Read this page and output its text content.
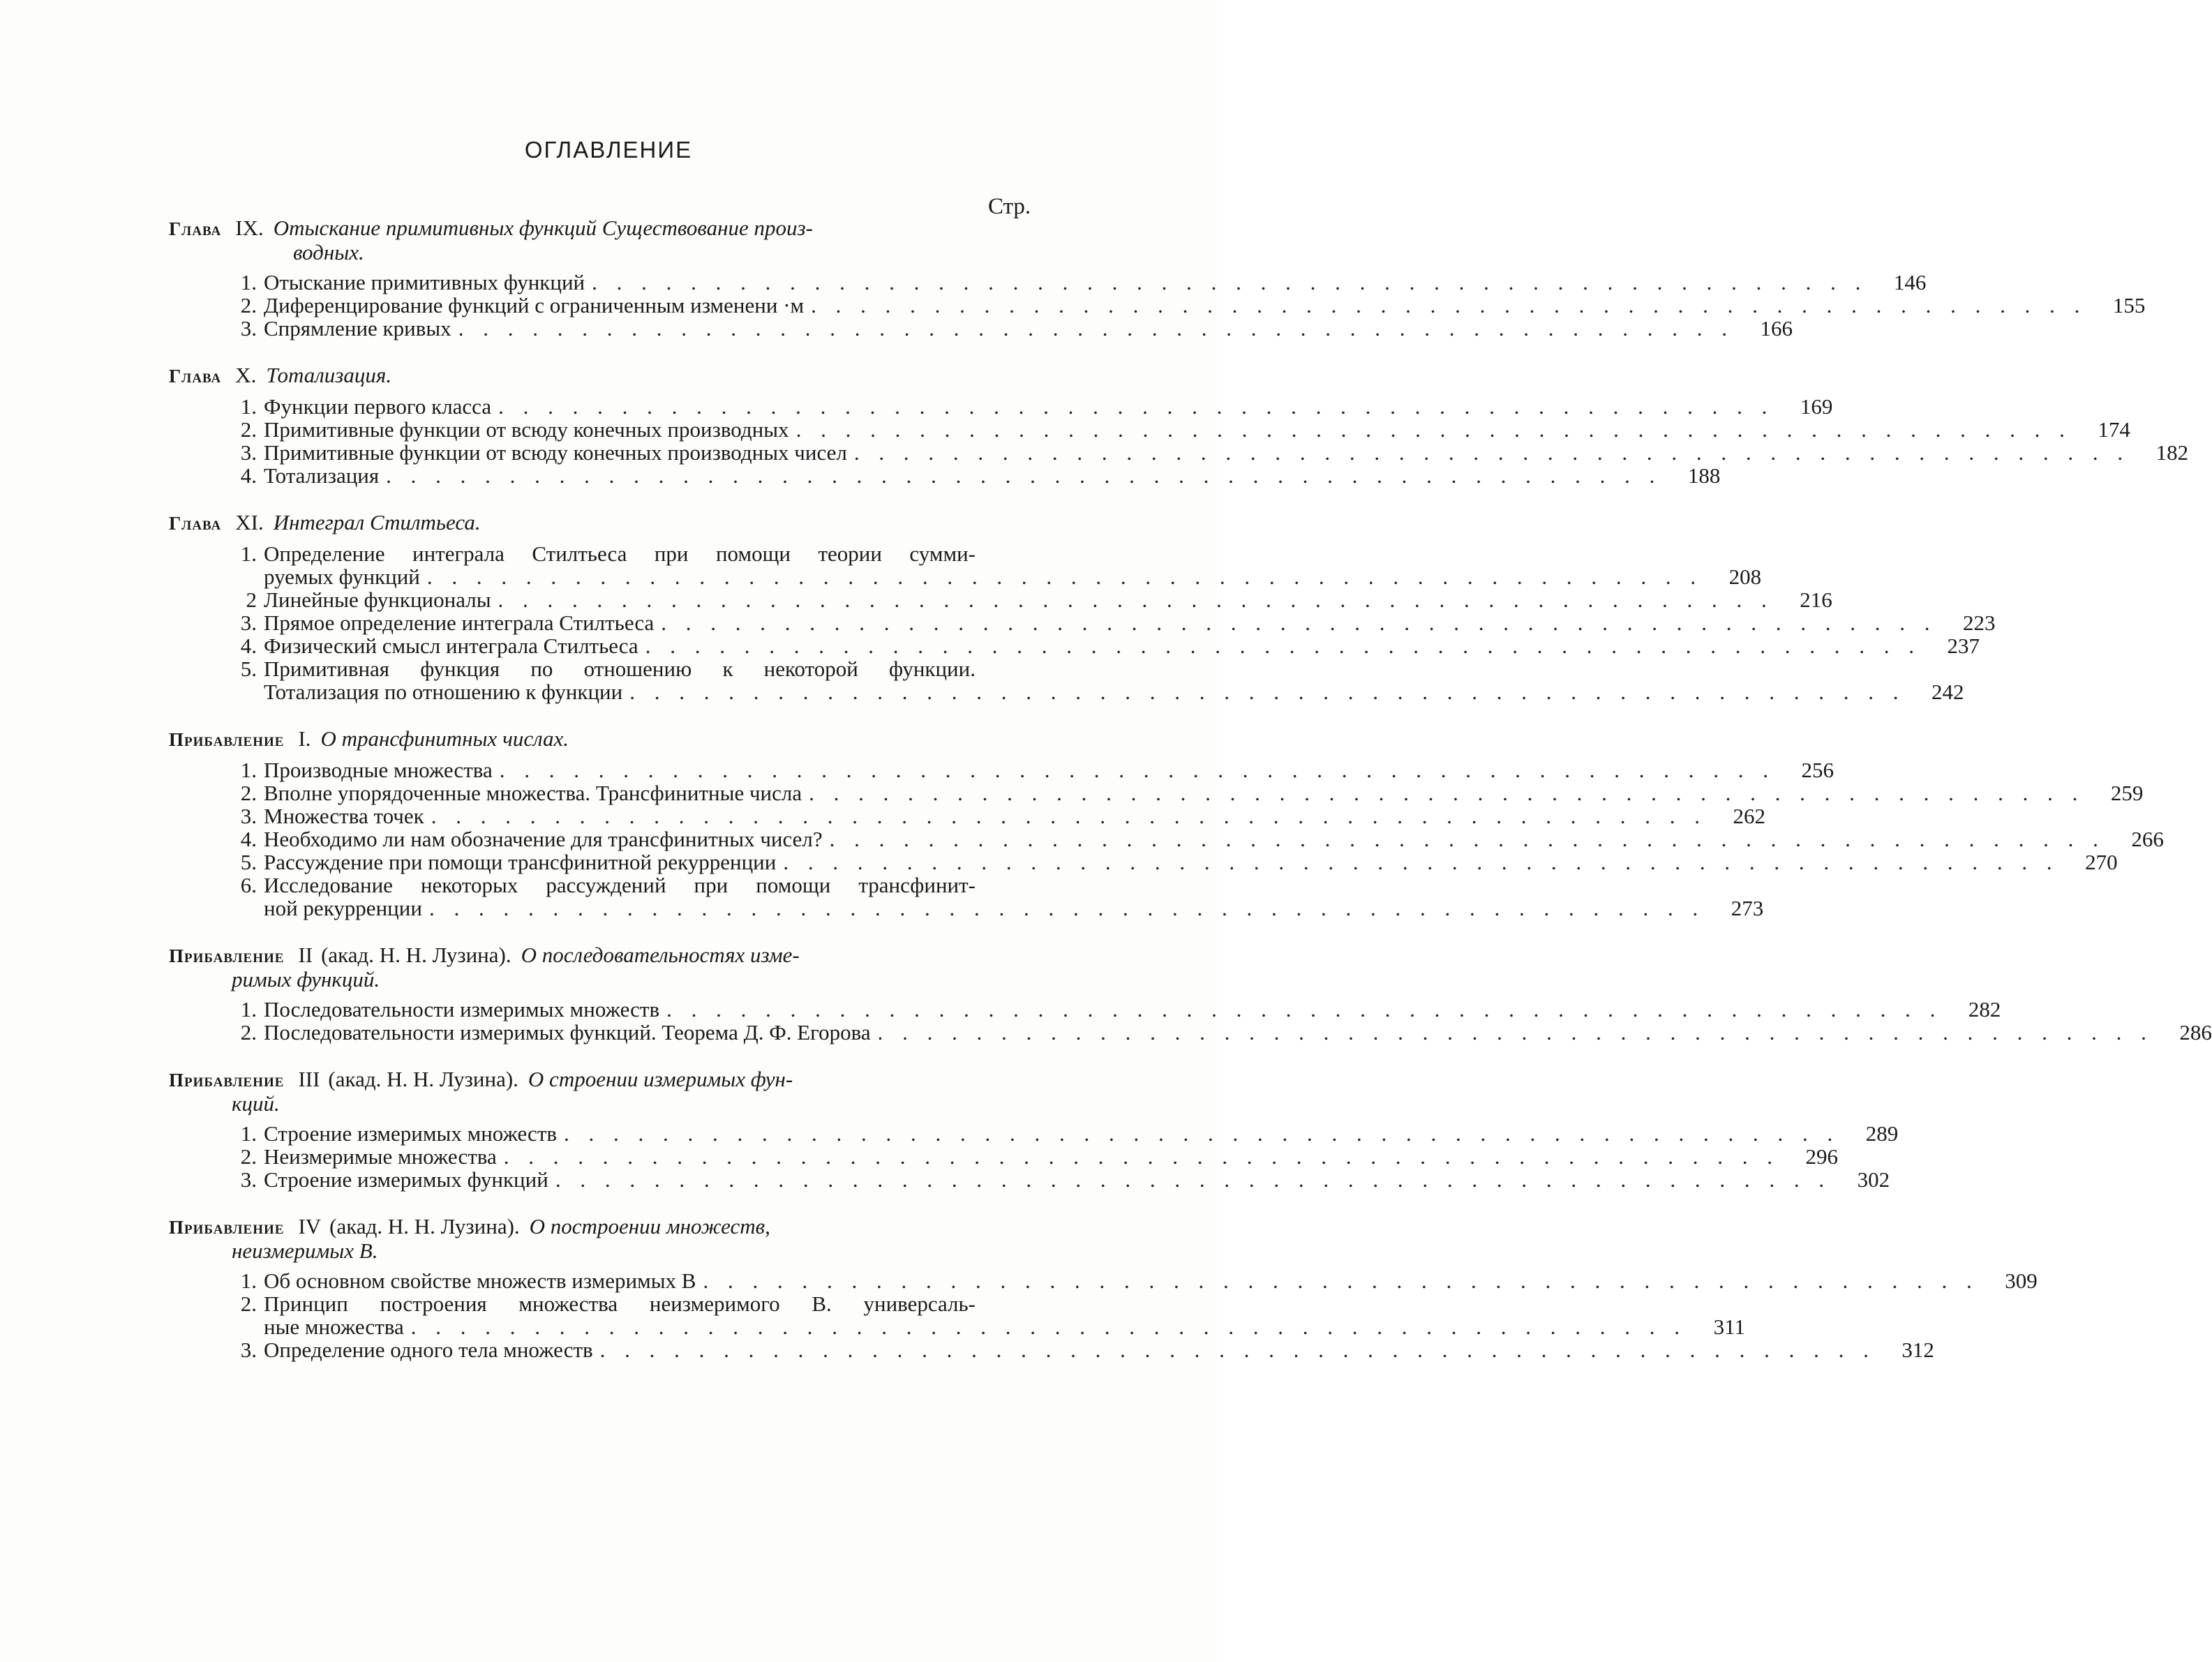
ОГЛАВЛЕНИЕ
Стр.
Глава IX. Отыскание примитивных функций Существование произ-
водных.
1. Отыскание примитивных функций . . . . . . . . . . . . . . . . . . . . . . . . . . . . . . . . . . . . . . . . . . . . . . . . . . . .	146
2. Диференцирование функций с ограниченным изменени ·м . . . . . . . . . . . . . . . . . . . . . . . . . . . . . . . . . . . . . . . . . . . . . . . . . . . .	155
3. Спрямление кривых . . . . . . . . . . . . . . . . . . . . . . . . . . . . . . . . . . . . . . . . . . . . . . . . . . . .	166
Глава X. Тотализация.
1. Функции первого класса . . . . . . . . . . . . . . . . . . . . . . . . . . . . . . . . . . . . . . . . . . . . . . . . . . . .	169
2. Примитивные функции от всюду конечных производных . . . . . . . . . . . . . . . . . . . . . . . . . . . . . . . . . . . . . . . . . . . . . . . . . . . .	174
3. Примитивные функции от всюду конечных производных чисел . . . . . . . . . . . . . . . . . . . . . . . . . . . . . . . . . . . . . . . . . . . . . . . . . . . .	182
4. Тотализация . . . . . . . . . . . . . . . . . . . . . . . . . . . . . . . . . . . . . . . . . . . . . . . . . . . .	188
Глава XI. Интеграл Стилтьеса.
1. Определение интеграла Стилтьеса при помощи теории сумми-
руемых функций . . . . . . . . . . . . . . . . . . . . . . . . . . . . . . . . . . . . . . . . . . . . . . . . . . . .	208
2 Линейные функционалы . . . . . . . . . . . . . . . . . . . . . . . . . . . . . . . . . . . . . . . . . . . . . . . . . . . .	216
3. Прямое определение интеграла Стилтьеса . . . . . . . . . . . . . . . . . . . . . . . . . . . . . . . . . . . . . . . . . . . . . . . . . . . .	223
4. Физический смысл интеграла Стилтьеса . . . . . . . . . . . . . . . . . . . . . . . . . . . . . . . . . . . . . . . . . . . . . . . . . . . .	237
5. Примитивная функция по отношению к некоторой функции.
Тотализация по отношению к функции . . . . . . . . . . . . . . . . . . . . . . . . . . . . . . . . . . . . . . . . . . . . . . . . . . . .	242
Прибавление I. О трансфинитных числах.
1. Производные множества . . . . . . . . . . . . . . . . . . . . . . . . . . . . . . . . . . . . . . . . . . . . . . . . . . . .	256
2. Вполне упорядоченные множества. Трансфинитные числа . . . . . . . . . . . . . . . . . . . . . . . . . . . . . . . . . . . . . . . . . . . . . . . . . . . .	259
3. Множества точек . . . . . . . . . . . . . . . . . . . . . . . . . . . . . . . . . . . . . . . . . . . . . . . . . . . .	262
4. Необходимо ли нам обозначение для трансфинитных чисел? . . . . . . . . . . . . . . . . . . . . . . . . . . . . . . . . . . . . . . . . . . . . . . . . . . . .	266
5. Рассуждение при помощи трансфинитной рекурренции . . . . . . . . . . . . . . . . . . . . . . . . . . . . . . . . . . . . . . . . . . . . . . . . . . . .	270
6. Исследование некоторых рассуждений при помощи трансфинит-
ной рекурренции . . . . . . . . . . . . . . . . . . . . . . . . . . . . . . . . . . . . . . . . . . . . . . . . . . . .	273
Прибавление II (акад. Н. Н. Лузина). О последовательностях изме-
римых функций.
1. Последовательности измеримых множеств . . . . . . . . . . . . . . . . . . . . . . . . . . . . . . . . . . . . . . . . . . . . . . . . . . . .	282
2. Последовательности измеримых функций. Теорема Д. Ф. Егорова . . . . . . . . . . . . . . . . . . . . . . . . . . . . . . . . . . . . . . . . . . . . . . . . . . . .	286
Прибавление III (акад. Н. Н. Лузина). О строении измеримых фун-
кций.
1. Строение измеримых множеств . . . . . . . . . . . . . . . . . . . . . . . . . . . . . . . . . . . . . . . . . . . . . . . . . . . .	289
2. Неизмеримые множества . . . . . . . . . . . . . . . . . . . . . . . . . . . . . . . . . . . . . . . . . . . . . . . . . . . .	296
3. Строение измеримых функций . . . . . . . . . . . . . . . . . . . . . . . . . . . . . . . . . . . . . . . . . . . . . . . . . . . .	302
Прибавление IV (акад. Н. Н. Лузина). О построении множеств,
неизмеримых В.
1. Об основном свойстве множеств измеримых В . . . . . . . . . . . . . . . . . . . . . . . . . . . . . . . . . . . . . . . . . . . . . . . . . . . .	309
2. Принцип построения множества неизмеримого В. универсаль-
ные множества . . . . . . . . . . . . . . . . . . . . . . . . . . . . . . . . . . . . . . . . . . . . . . . . . . . .	311
3. Определение одного тела множеств . . . . . . . . . . . . . . . . . . . . . . . . . . . . . . . . . . . . . . . . . . . . . . . . . . . .	312
